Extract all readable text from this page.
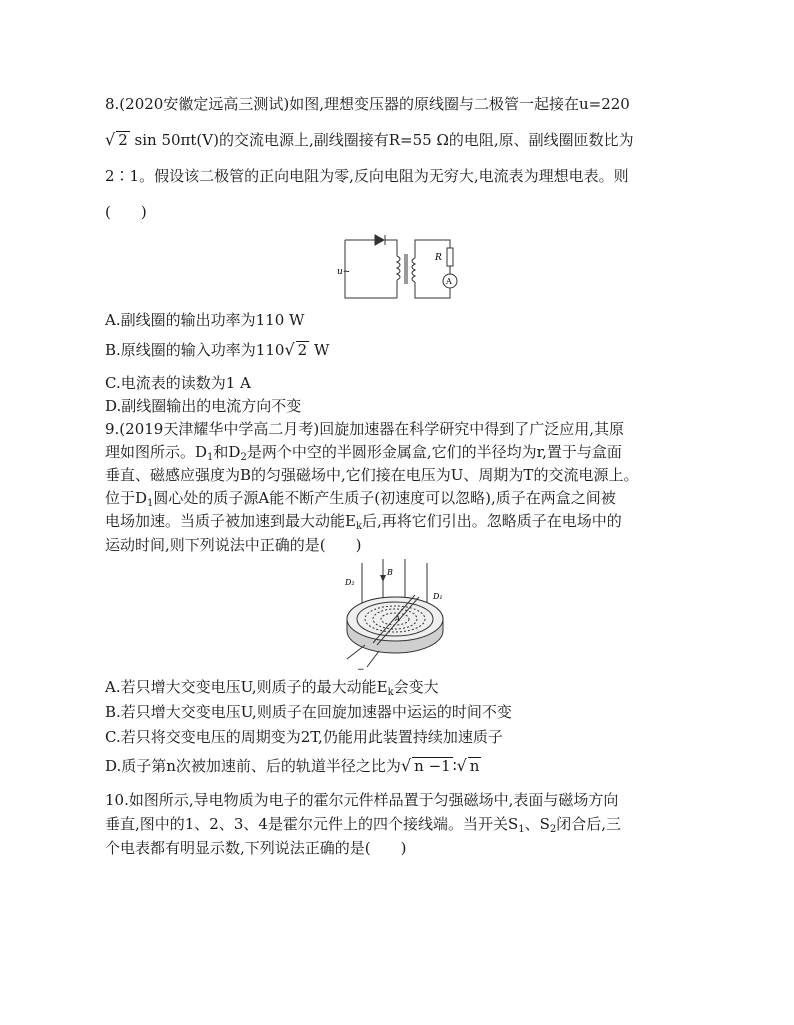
8.(2020安徽定远高三测试)如图,理想变压器的原线圈与二极管一起接在u=220
√ 2 sin 50πt(V)的交流电源上,副线圈接有R=55 Ω的电阻,原、副线圈匝数比为
2∶1。假设该二极管的正向电阻为零,反向电阻为无穷大,电流表为理想电表。则
(　　)
u~
R
A
A.副线圈的输出功率为110 W
B.原线圈的输入功率为110√ 2 W
C.电流表的读数为1 A
D.副线圈输出的电流方向不变
9.(2019天津耀华中学高二月考)回旋加速器在科学研究中得到了广泛应用,其原
理如图所示。$D_1$和$D_2$是两个中空的半圆形金属盒,它们的半径均为r,置于与盒面
垂直、磁感应强度为B的匀强磁场中,它们接在电压为U、周期为T的交流电源上。
位于$D_1$圆心处的质子源A能不断产生质子(初速度可以忽略),质子在两盒之间被
电场加速。当质子被加速到最大动能$E_k$后,再将它们引出。忽略质子在电场中的
运动时间,则下列说法中正确的是(　　)
D₂
B
D₁
A
−
A.若只增大交变电压U,则质子的最大动能$E_k$会变大
B.若只增大交变电压U,则质子在回旋加速器中运运的时间不变
C.若只将交变电压的周期变为2T,仍能用此装置持续加速质子
D.质子第n次被加速前、后的轨道半径之比为√ n −1 ∶√ n
10.如图所示,导电物质为电子的霍尔元件样品置于匀强磁场中,表面与磁场方向
垂直,图中的1、2、3、4是霍尔元件上的四个接线端。当开关$S_1$、$S_2$闭合后,三
个电表都有明显示数,下列说法正确的是(　　)
